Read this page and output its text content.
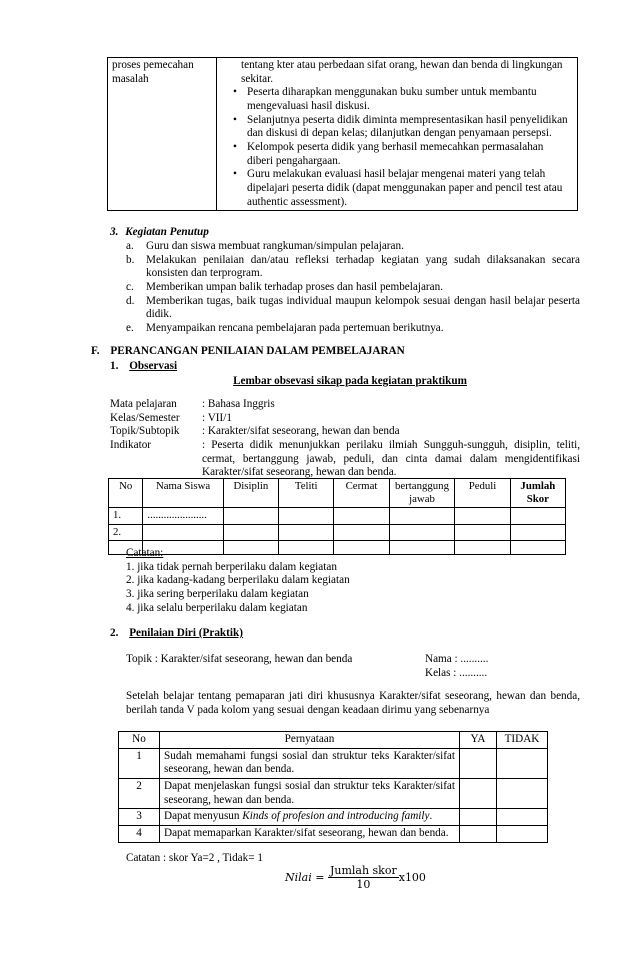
proses pemecahan masalah	
tentang kter atau perbedaan sifat orang, hewan dan benda di lingkungan sekitar.
• Peserta diharapkan menggunakan buku sumber untuk membantu mengevaluasi hasil diskusi.
• Selanjutnya peserta didik diminta mempresentasikan hasil penyelidikan dan diskusi di depan kelas; dilanjutkan dengan penyamaan persepsi.
• Kelompok peserta didik yang berhasil memecahkan permasalahan diberi pengahargaan.
• Guru melakukan evaluasi hasil belajar mengenai materi yang telah dipelajari peserta didik (dapat menggunakan paper and pencil test atau authentic assessment).
3. Kegiatan Penutup
a. Guru dan siswa membuat rangkuman/simpulan pelajaran.
b. Melakukan penilaian dan/atau refleksi terhadap kegiatan yang sudah dilaksanakan secara konsisten dan terprogram.
c. Memberikan umpan balik terhadap proses dan hasil pembelajaran.
d. Memberikan tugas, baik tugas individual maupun kelompok sesuai dengan hasil belajar peserta didik.
e. Menyampaikan rencana pembelajaran pada pertemuan berikutnya.
F. PERANCANGAN PENILAIAN DALAM PEMBELAJARAN
1. Observasi
Lembar obsevasi sikap pada kegiatan praktikum
Mata pelajaran	: Bahasa Inggris
Kelas/Semester	: VII/1
Topik/Subtopik	: Karakter/sifat seseorang, hewan dan benda
Indikator	: Peserta didik menunjukkan perilaku ilmiah Sungguh-sungguh, disiplin, teliti, cermat, bertanggung jawab, peduli, dan cinta damai dalam mengidentifikasi Karakter/sifat seseorang, hewan dan benda.
No	Nama Siswa	Disiplin	Teliti	Cermat	bertanggung jawab	Peduli	Jumlah Skor
1.	......................						
2.							

Catatan:
1. jika tidak pernah berperilaku dalam kegiatan
2. jika kadang-kadang berperilaku dalam kegiatan
3. jika sering berperilaku dalam kegiatan
4. jika selalu berperilaku dalam kegiatan
2. Penilaian Diri (Praktik)
Topik : Karakter/sifat seseorang, hewan dan benda	Nama : ..........
Kelas : ..........
Setelah belajar tentang pemaparan jati diri khususnya Karakter/sifat seseorang, hewan dan benda, berilah tanda V pada kolom yang sesuai dengan keadaan dirimu yang sebenarnya
No	Pernyataan	YA	TIDAK
1	Sudah memahami fungsi sosial dan struktur teks Karakter/sifat seseorang, hewan dan benda.		
2	Dapat menjelaskan fungsi sosial dan struktur teks Karakter/sifat seseorang, hewan dan benda.		
3	Dapat menyusun Kinds of profesion and introducing family.		
4	Dapat memaparkan Karakter/sifat seseorang, hewan dan benda.		
Catatan : skor Ya=2 , Tidak= 1
Nilai =
Jumlah skor
10
x100
